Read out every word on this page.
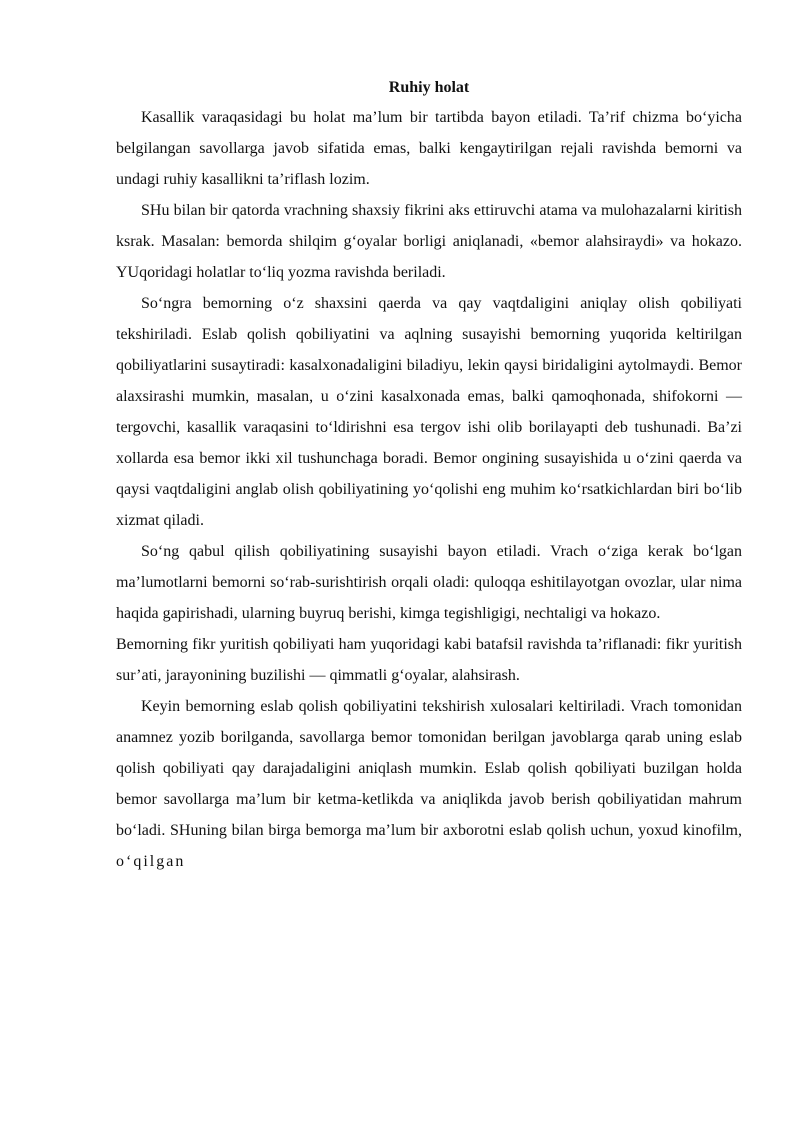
Ruhiy holat

Kasallik varaqasidagi bu holat ma’lum bir tartibda bayon etiladi. Ta’rif chizma bo‘yicha belgilangan savollarga javob sifatida emas, balki kengaytirilgan rejali ravishda bemorni va undagi ruhiy kasallikni ta’riflash lozim.

SHu bilan bir qatorda vrachning shaxsiy fikrini aks ettiruvchi atama va mulohazalarni kiritish ksrak. Masalan: bemorda shilqim g‘oyalar borligi aniqlanadi, «bemor alahsiraydi» va hokazo. YUqoridagi holatlar to‘liq yozma ravishda beriladi.

So‘ngra bemorning o‘z shaxsini qaerda va qay vaqtdaligini aniqlay olish qobiliyati tekshiriladi. Eslab qolish qobiliyatini va aqlning susayishi bemorning yuqorida keltirilgan qobiliyatlarini susaytiradi: kasalxonadaligini biladiyu, lekin qaysi biridaligini aytolmaydi. Bemor alaxsirashi mumkin, masalan, u o‘zini kasalxonada emas, balki qamoqhonada, shifokorni — tergovchi, kasallik varaqasini to‘ldirishni esa tergov ishi olib borilayapti deb tushunadi. Ba’zi xollarda esa bemor ikki xil tushunchaga boradi. Bemor ongining susayishida u o‘zini qaerda va qaysi vaqtdaligini anglab olish qobiliyatining yo‘qolishi eng muhim ko‘rsatkichlardan biri bo‘lib xizmat qiladi.

So‘ng qabul qilish qobiliyatining susayishi bayon etiladi. Vrach o‘ziga kerak bo‘lgan ma’lumotlarni bemorni so‘rab-surishtirish orqali oladi: quloqqa eshitilayotgan ovozlar, ular nima haqida gapirishadi, ularning buyruq berishi, kimga tegishligigi, nechtaligi va hokazo.

Bemorning fikr yuritish qobiliyati ham yuqoridagi kabi batafsil ravishda ta’riflanadi: fikr yuritish sur’ati, jarayonining buzilishi — qimmatli g‘oyalar, alahsirash.

Keyin bemorning eslab qolish qobiliyatini tekshirish xulosalari keltiriladi. Vrach tomonidan anamnez yozib borilganda, savollarga bemor tomonidan berilgan javoblarga qarab uning eslab qolish qobiliyati qay darajadaligini aniqlash mumkin. Eslab qolish qobiliyati buzilgan holda bemor savollarga ma’lum bir ketma-ketlikda va aniqlikda javob berish qobiliyatidan mahrum bo‘ladi. SHuning bilan birga bemorga ma’lum bir axborotni eslab qolish uchun, yoxud kinofilm, o‘qilgan
